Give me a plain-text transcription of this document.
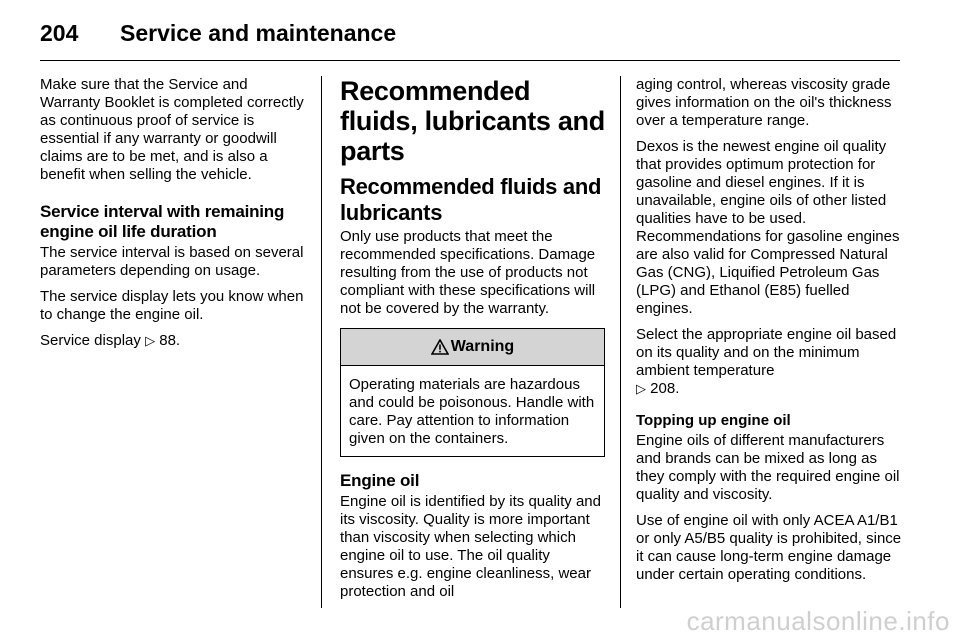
204 Service and maintenance

Make sure that the Service and Warranty Booklet is completed correctly as continuous proof of service is essential if any warranty or goodwill claims are to be met, and is also a benefit when selling the vehicle.

Service interval with remaining engine oil life duration

The service interval is based on several parameters depending on usage.

The service display lets you know when to change the engine oil.

Service display ▷ 88.

Recommended fluids, lubricants and parts
Recommended fluids and lubricants

Only use products that meet the recommended specifications. Damage resulting from the use of products not compliant with these specifications will not be covered by the warranty.

Warning

Operating materials are hazardous and could be poisonous. Handle with care. Pay attention to information given on the containers.

Engine oil

Engine oil is identified by its quality and its viscosity. Quality is more important than viscosity when selecting which engine oil to use. The oil quality ensures e.g. engine cleanliness, wear protection and oil

aging control, whereas viscosity grade gives information on the oil's thickness over a temperature range.

Dexos is the newest engine oil quality that provides optimum protection for gasoline and diesel engines. If it is unavailable, engine oils of other listed qualities have to be used. Recommendations for gasoline engines are also valid for Compressed Natural Gas (CNG), Liquified Petroleum Gas (LPG) and Ethanol (E85) fuelled engines.

Select the appropriate engine oil based on its quality and on the minimum ambient temperature
▷ 208.

Topping up engine oil

Engine oils of different manufacturers and brands can be mixed as long as they comply with the required engine oil quality and viscosity.

Use of engine oil with only ACEA A1/B1 or only A5/B5 quality is prohibited, since it can cause long-term engine damage under certain operating conditions.

carmanualsonline.info
